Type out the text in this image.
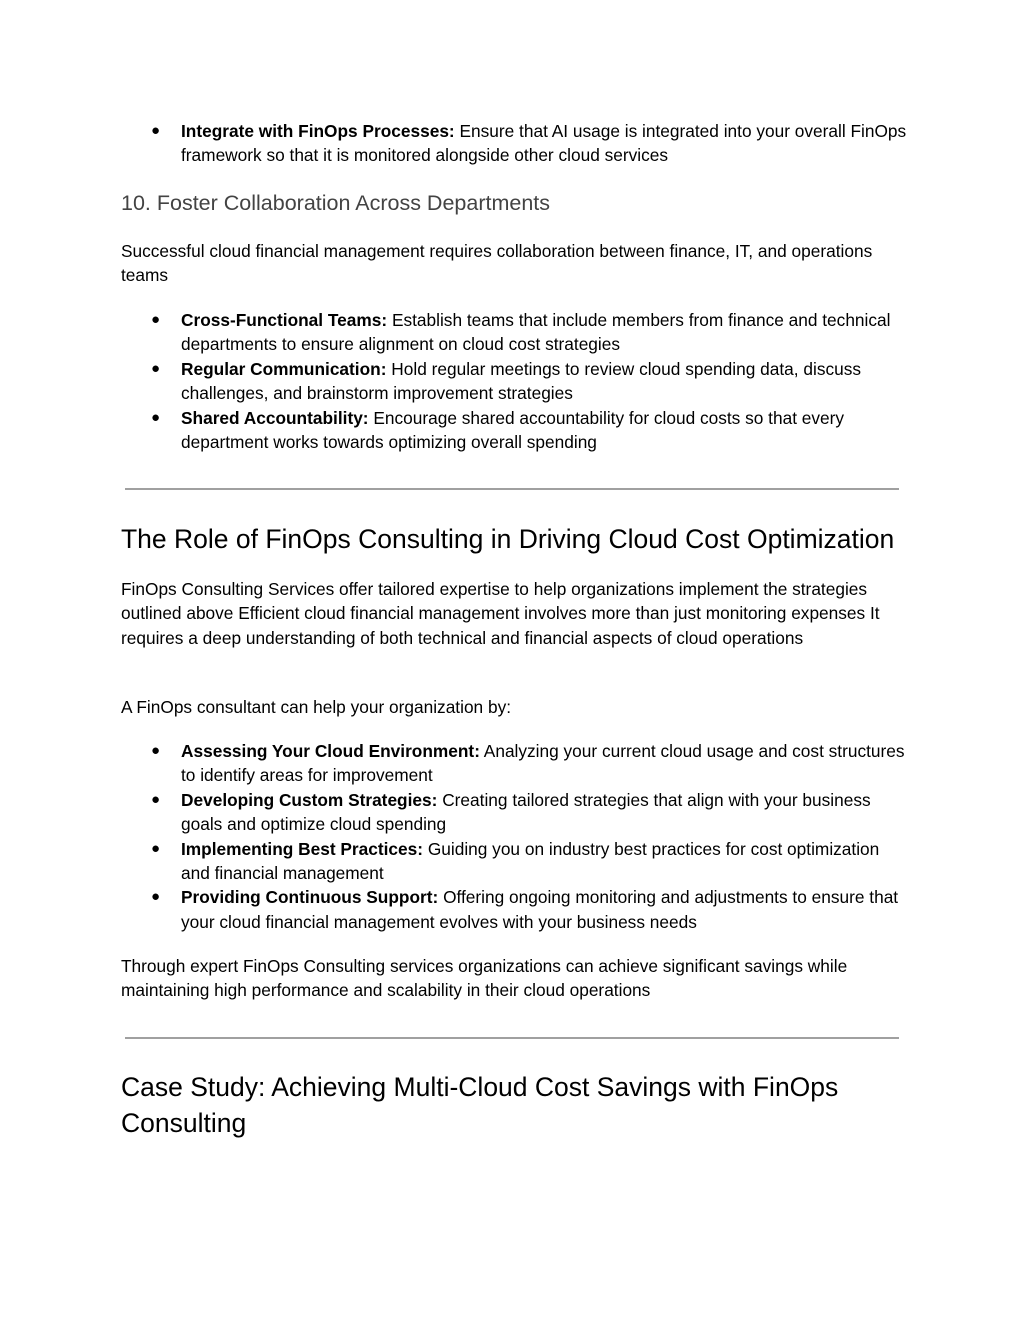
● Integrate with FinOps Processes: Ensure that AI usage is integrated into your overall FinOps framework so that it is monitored alongside other cloud services
10. Foster Collaboration Across Departments

Successful cloud financial management requires collaboration between finance, IT, and operations teams

● Cross-Functional Teams: Establish teams that include members from finance and technical departments to ensure alignment on cloud cost strategies
● Regular Communication: Hold regular meetings to review cloud spending data, discuss challenges, and brainstorm improvement strategies
● Shared Accountability: Encourage shared accountability for cloud costs so that every department works towards optimizing overall spending
The Role of FinOps Consulting in Driving Cloud Cost Optimization

FinOps Consulting Services offer tailored expertise to help organizations implement the strategies outlined above Efficient cloud financial management involves more than just monitoring expenses It requires a deep understanding of both technical and financial aspects of cloud operations

A FinOps consultant can help your organization by:

● Assessing Your Cloud Environment: Analyzing your current cloud usage and cost structures to identify areas for improvement
● Developing Custom Strategies: Creating tailored strategies that align with your business goals and optimize cloud spending
● Implementing Best Practices: Guiding you on industry best practices for cost optimization and financial management
● Providing Continuous Support: Offering ongoing monitoring and adjustments to ensure that your cloud financial management evolves with your business needs

Through expert FinOps Consulting services organizations can achieve significant savings while maintaining high performance and scalability in their cloud operations

Case Study: Achieving Multi-Cloud Cost Savings with FinOps Consulting
